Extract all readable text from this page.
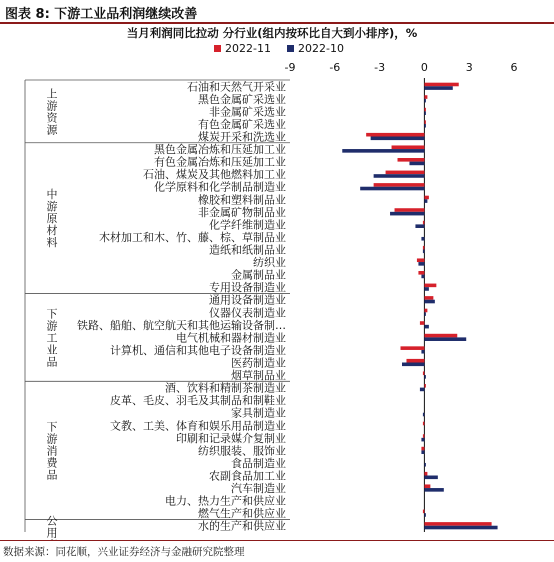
图表 8: 下游工业品利润继续改善
当月利润同比拉动 分行业(组内按环比自大到小排序)，%
2022-11 2022-10
-9	-6	-3	0	3	6
上游资源
中游原材料
下游工业品
下游消费品
公用
石油和天然气开采业
黑色金属矿采选业
非金属矿采选业
有色金属矿采选业
煤炭开采和洗选业
黑色金属冶炼和压延加工业
有色金属冶炼和压延加工业
石油、煤炭及其他燃料加工业
化学原料和化学制品制造业
橡胶和塑料制品业
非金属矿物制品业
化学纤维制造业
木材加工和木、竹、藤、棕、草制品业
造纸和纸制品业
纺织业
金属制品业
专用设备制造业
通用设备制造业
仪器仪表制造业
铁路、船舶、航空航天和其他运输设备制…
电气机械和器材制造业
计算机、通信和其他电子设备制造业
医药制造业
烟草制品业
酒、饮料和精制茶制造业
皮革、毛皮、羽毛及其制品和制鞋业
家具制造业
文教、工美、体育和娱乐用品制造业
印刷和记录媒介复制业
纺织服装、服饰业
食品制造业
农副食品加工业
汽车制造业
电力、热力生产和供应业
燃气生产和供应业
水的生产和供应业
数据来源：同花顺，兴业证券经济与金融研究院整理
